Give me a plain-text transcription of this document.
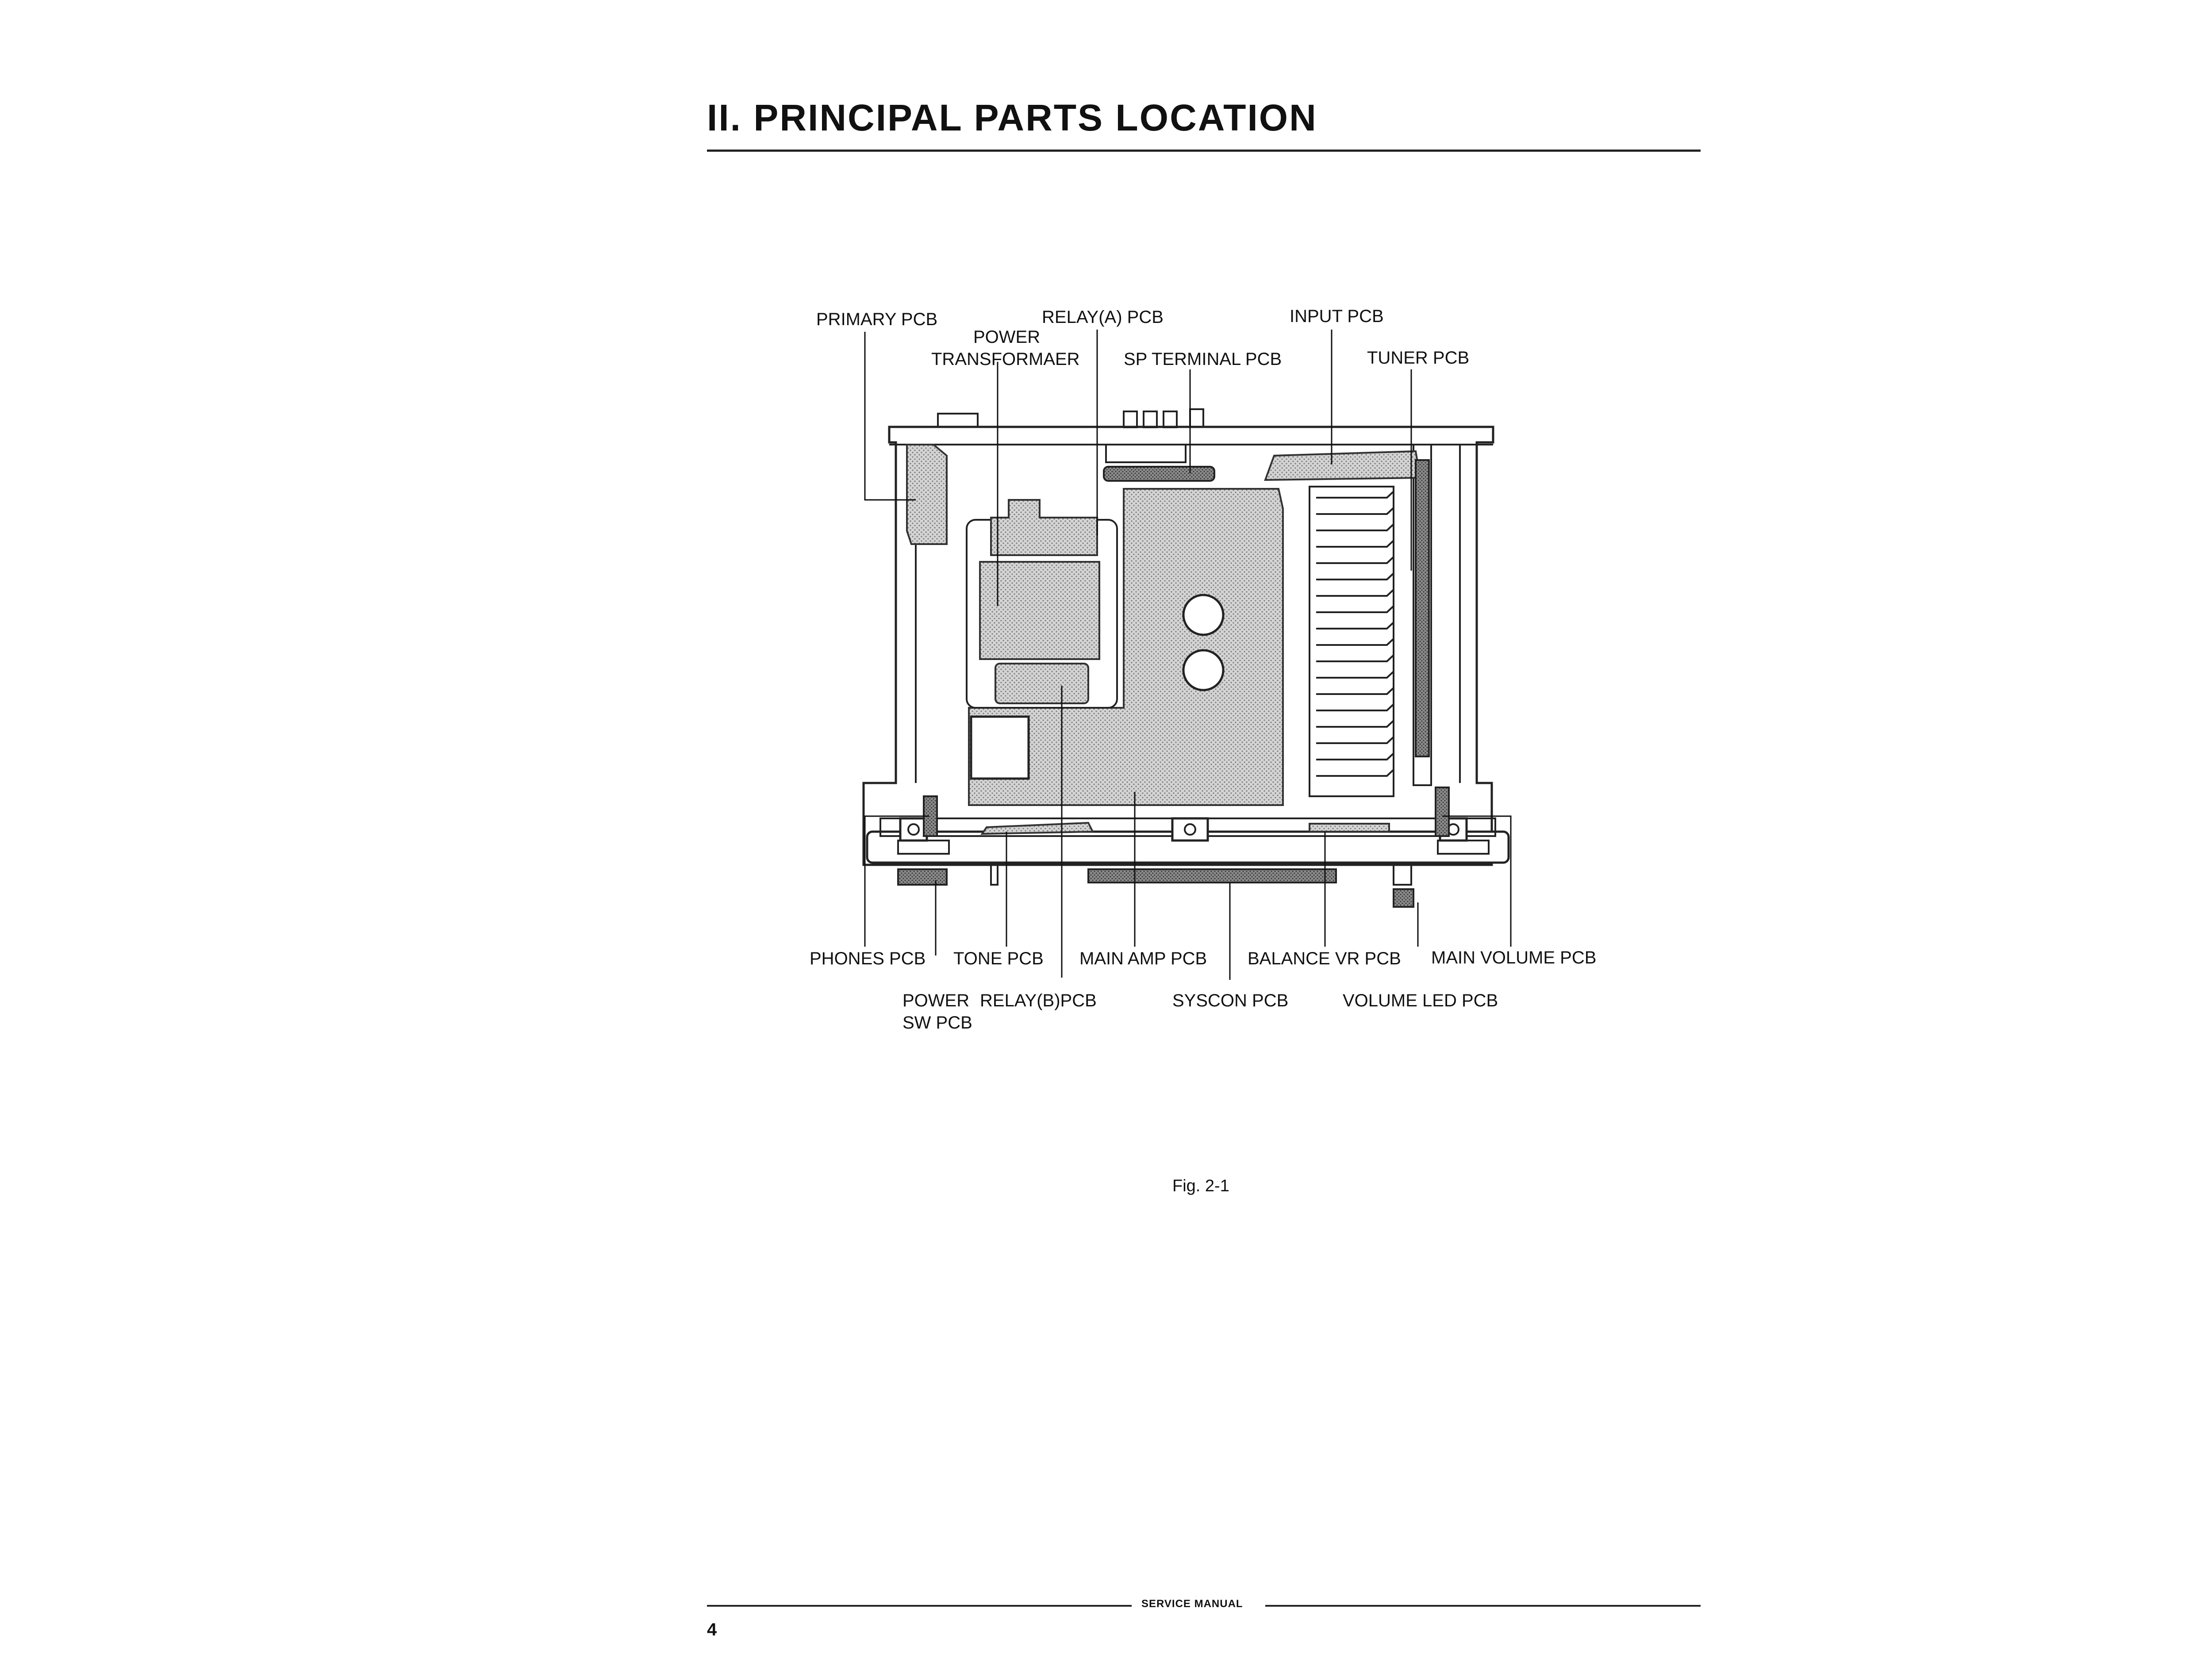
II. PRINCIPAL PARTS LOCATION
PRIMARY PCB
POWER
TRANSFORMAER
RELAY(A) PCB
SP TERMINAL PCB
INPUT PCB
TUNER PCB
PHONES PCB TONE PCB MAIN AMP PCB BALANCE VR PCB MAIN VOLUME PCB
POWER
SW PCB
RELAY(B)PCB	SYSCON PCB	VOLUME LED PCB
Fig. 2-1
SERVICE MANUAL
4
